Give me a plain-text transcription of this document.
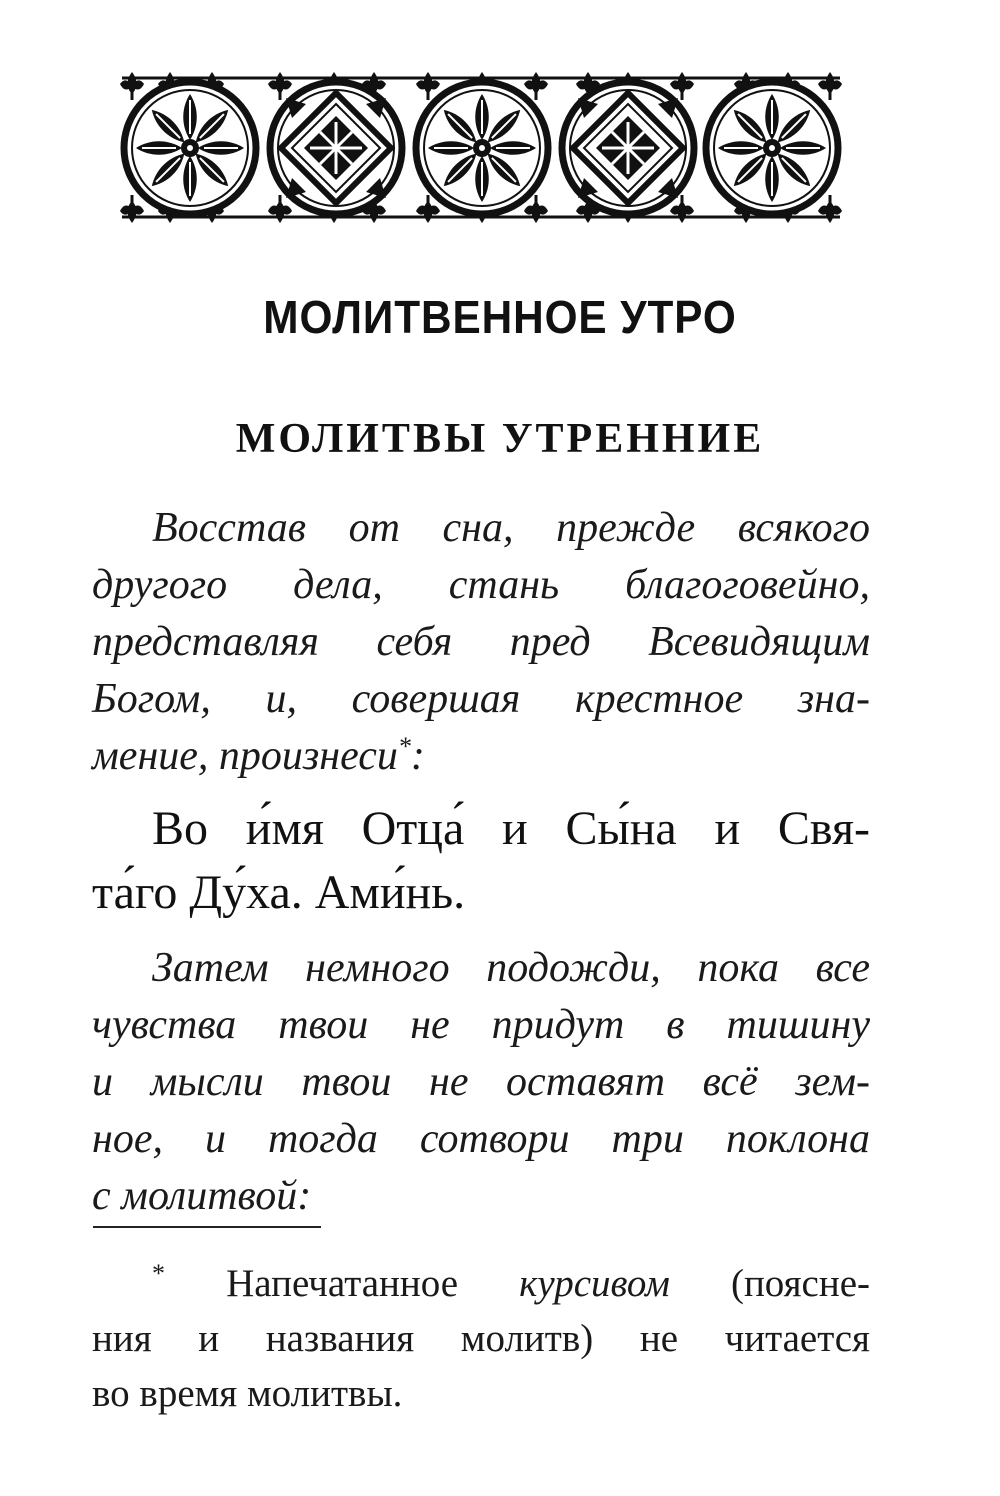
МОЛИТВЕННОЕ УТРО
МОЛИТВЫ УТРЕННИЕ
Восстав от сна, прежде всякого
другого дела, стань благоговейно,
представляя себя пред Всевидящим
Богом, и, совершая крестное зна-
мение, произнеси*:
Во и́мя Отца́ и Сы́на и Свя-
та́го Ду́ха. Ами́нь.
Затем немного подожди, пока все
чувства твои не придут в тишину
и мысли твои не оставят всё зем-
ное, и тогда сотвори три поклона
с молитвой:
* Напечатанное курсивом (поясне-
ния и названия молитв) не читается
во время молитвы.
